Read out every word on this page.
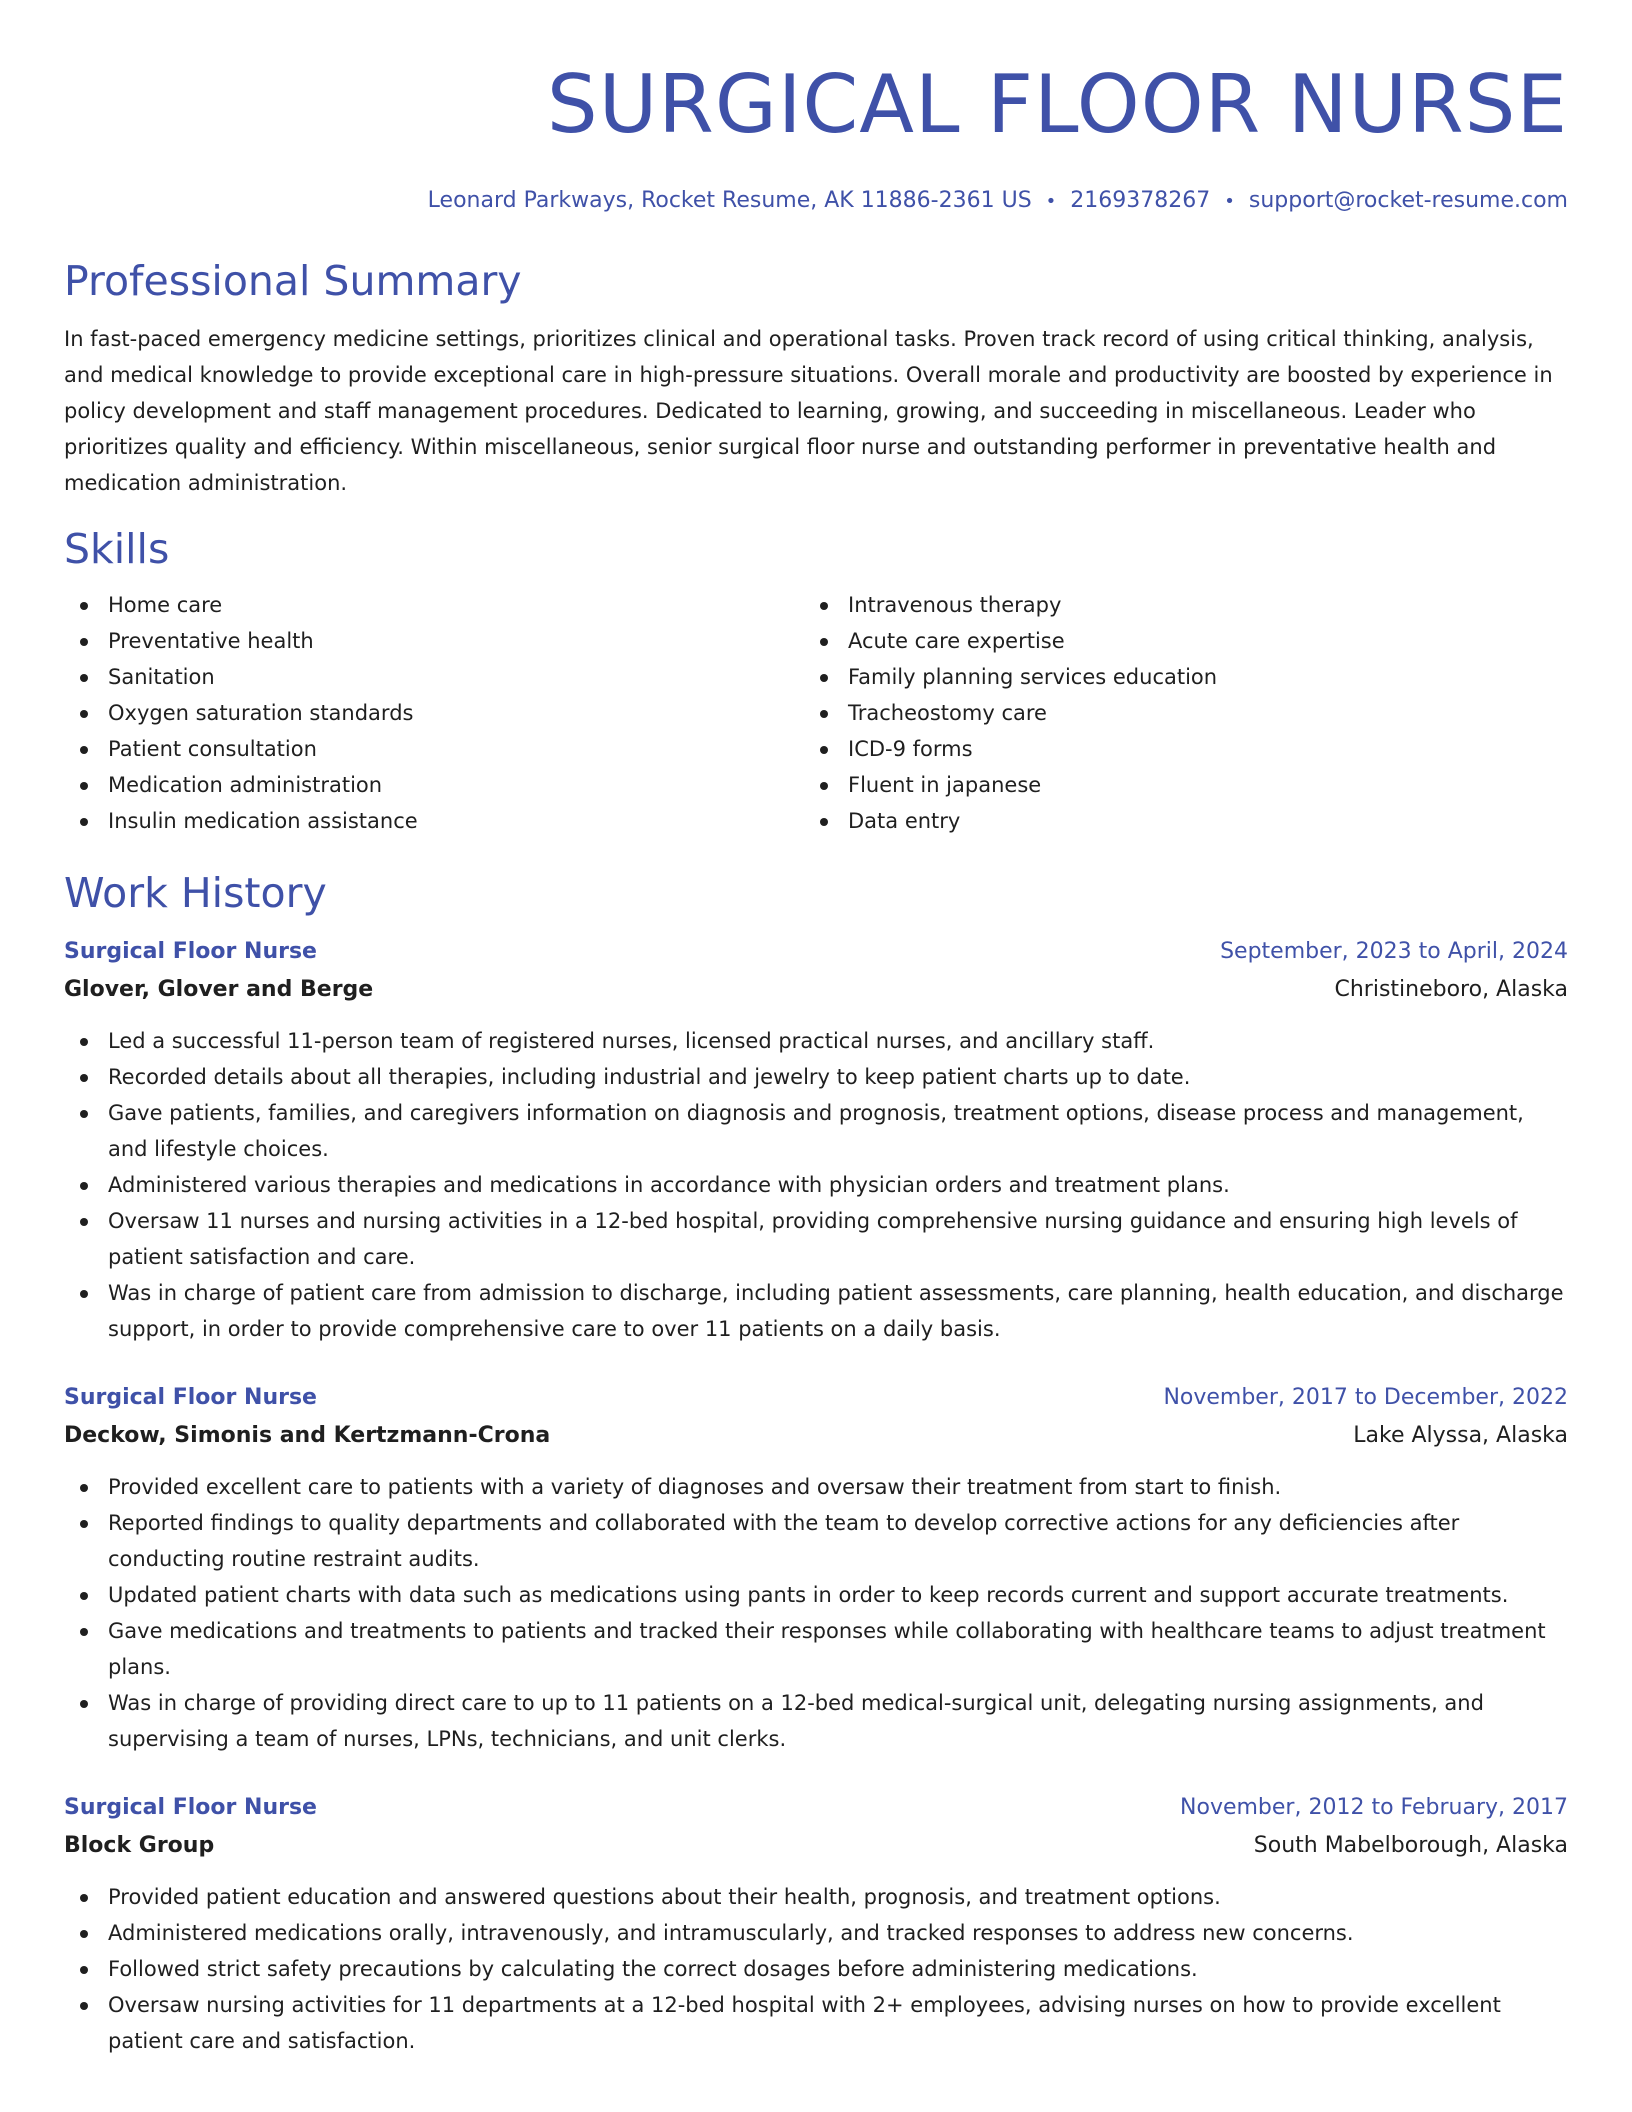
SURGICAL FLOOR NURSE
Leonard Parkways, Rocket Resume, AK 11886-2361 US • 2169378267 • support@rocket-resume.com
Professional Summary

In fast-paced emergency medicine settings, prioritizes clinical and operational tasks. Proven track record of using critical thinking, analysis, and medical knowledge to provide exceptional care in high-pressure situations. Overall morale and productivity are boosted by experience in policy development and staff management procedures. Dedicated to learning, growing, and succeeding in miscellaneous. Leader who prioritizes quality and efficiency. Within miscellaneous, senior surgical floor nurse and outstanding performer in preventative health and medication administration.

Skills
Home care
Preventative health
Sanitation
Oxygen saturation standards
Patient consultation
Medication administration
Insulin medication assistance
Intravenous therapy
Acute care expertise
Family planning services education
Tracheostomy care
ICD-9 forms
Fluent in japanese
Data entry
Work History
Surgical Floor Nurse	September, 2023 to April, 2024
Glover, Glover and Berge	Christineboro, Alaska
Led a successful 11-person team of registered nurses, licensed practical nurses, and ancillary staff.
Recorded details about all therapies, including industrial and jewelry to keep patient charts up to date.
Gave patients, families, and caregivers information on diagnosis and prognosis, treatment options, disease process and management, and lifestyle choices.
Administered various therapies and medications in accordance with physician orders and treatment plans.
Oversaw 11 nurses and nursing activities in a 12-bed hospital, providing comprehensive nursing guidance and ensuring high levels of patient satisfaction and care.
Was in charge of patient care from admission to discharge, including patient assessments, care planning, health education, and discharge support, in order to provide comprehensive care to over 11 patients on a daily basis.
Surgical Floor Nurse	November, 2017 to December, 2022
Deckow, Simonis and Kertzmann-Crona	Lake Alyssa, Alaska
Provided excellent care to patients with a variety of diagnoses and oversaw their treatment from start to finish.
Reported findings to quality departments and collaborated with the team to develop corrective actions for any deficiencies after conducting routine restraint audits.
Updated patient charts with data such as medications using pants in order to keep records current and support accurate treatments.
Gave medications and treatments to patients and tracked their responses while collaborating with healthcare teams to adjust treatment plans.
Was in charge of providing direct care to up to 11 patients on a 12-bed medical-surgical unit, delegating nursing assignments, and supervising a team of nurses, LPNs, technicians, and unit clerks.
Surgical Floor Nurse	November, 2012 to February, 2017
Block Group	South Mabelborough, Alaska
Provided patient education and answered questions about their health, prognosis, and treatment options.
Administered medications orally, intravenously, and intramuscularly, and tracked responses to address new concerns.
Followed strict safety precautions by calculating the correct dosages before administering medications.
Oversaw nursing activities for 11 departments at a 12-bed hospital with 2+ employees, advising nurses on how to provide excellent patient care and satisfaction.
